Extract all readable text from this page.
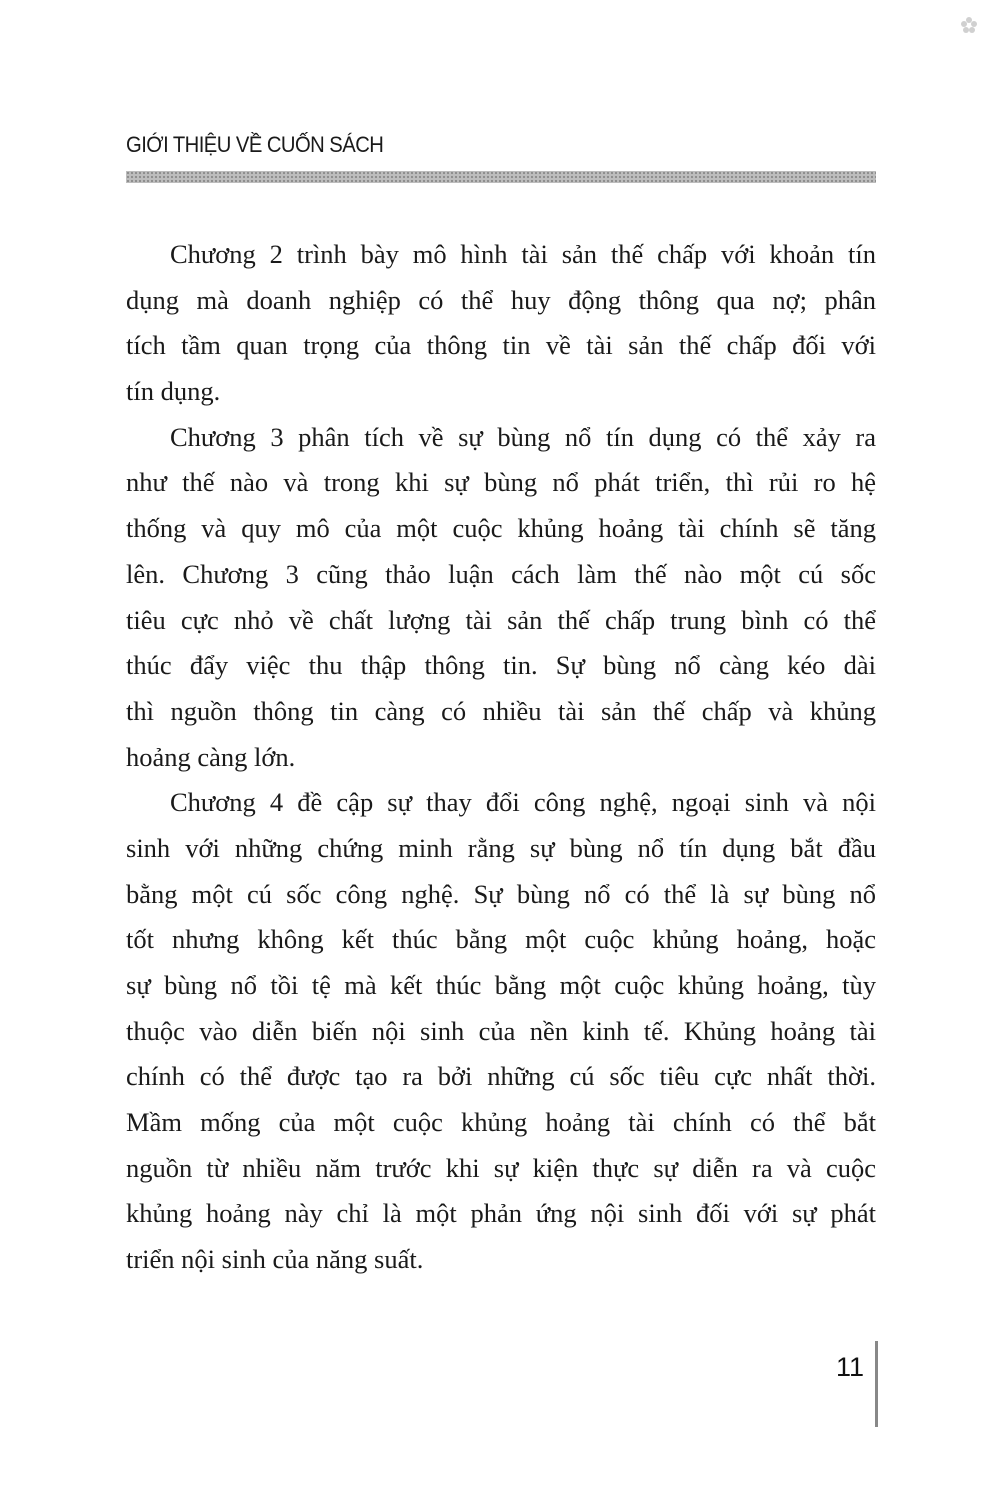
GIỚI THIỆU VỀ CUỐN SÁCH
Chương 2 trình bày mô hình tài sản thế chấp với khoản tín
dụng mà doanh nghiệp có thể huy động thông qua nợ; phân
tích tầm quan trọng của thông tin về tài sản thế chấp đối với
tín dụng.
Chương 3 phân tích về sự bùng nổ tín dụng có thể xảy ra
như thế nào và trong khi sự bùng nổ phát triển, thì rủi ro hệ
thống và quy mô của một cuộc khủng hoảng tài chính sẽ tăng
lên. Chương 3 cũng thảo luận cách làm thế nào một cú sốc
tiêu cực nhỏ về chất lượng tài sản thế chấp trung bình có thể
thúc đẩy việc thu thập thông tin. Sự bùng nổ càng kéo dài
thì nguồn thông tin càng có nhiều tài sản thế chấp và khủng
hoảng càng lớn.
Chương 4 đề cập sự thay đổi công nghệ, ngoại sinh và nội
sinh với những chứng minh rằng sự bùng nổ tín dụng bắt đầu
bằng một cú sốc công nghệ. Sự bùng nổ có thể là sự bùng nổ
tốt nhưng không kết thúc bằng một cuộc khủng hoảng, hoặc
sự bùng nổ tồi tệ mà kết thúc bằng một cuộc khủng hoảng, tùy
thuộc vào diễn biến nội sinh của nền kinh tế. Khủng hoảng tài
chính có thể được tạo ra bởi những cú sốc tiêu cực nhất thời.
Mầm mống của một cuộc khủng hoảng tài chính có thể bắt
nguồn từ nhiều năm trước khi sự kiện thực sự diễn ra và cuộc
khủng hoảng này chỉ là một phản ứng nội sinh đối với sự phát
triển nội sinh của năng suất.
11
